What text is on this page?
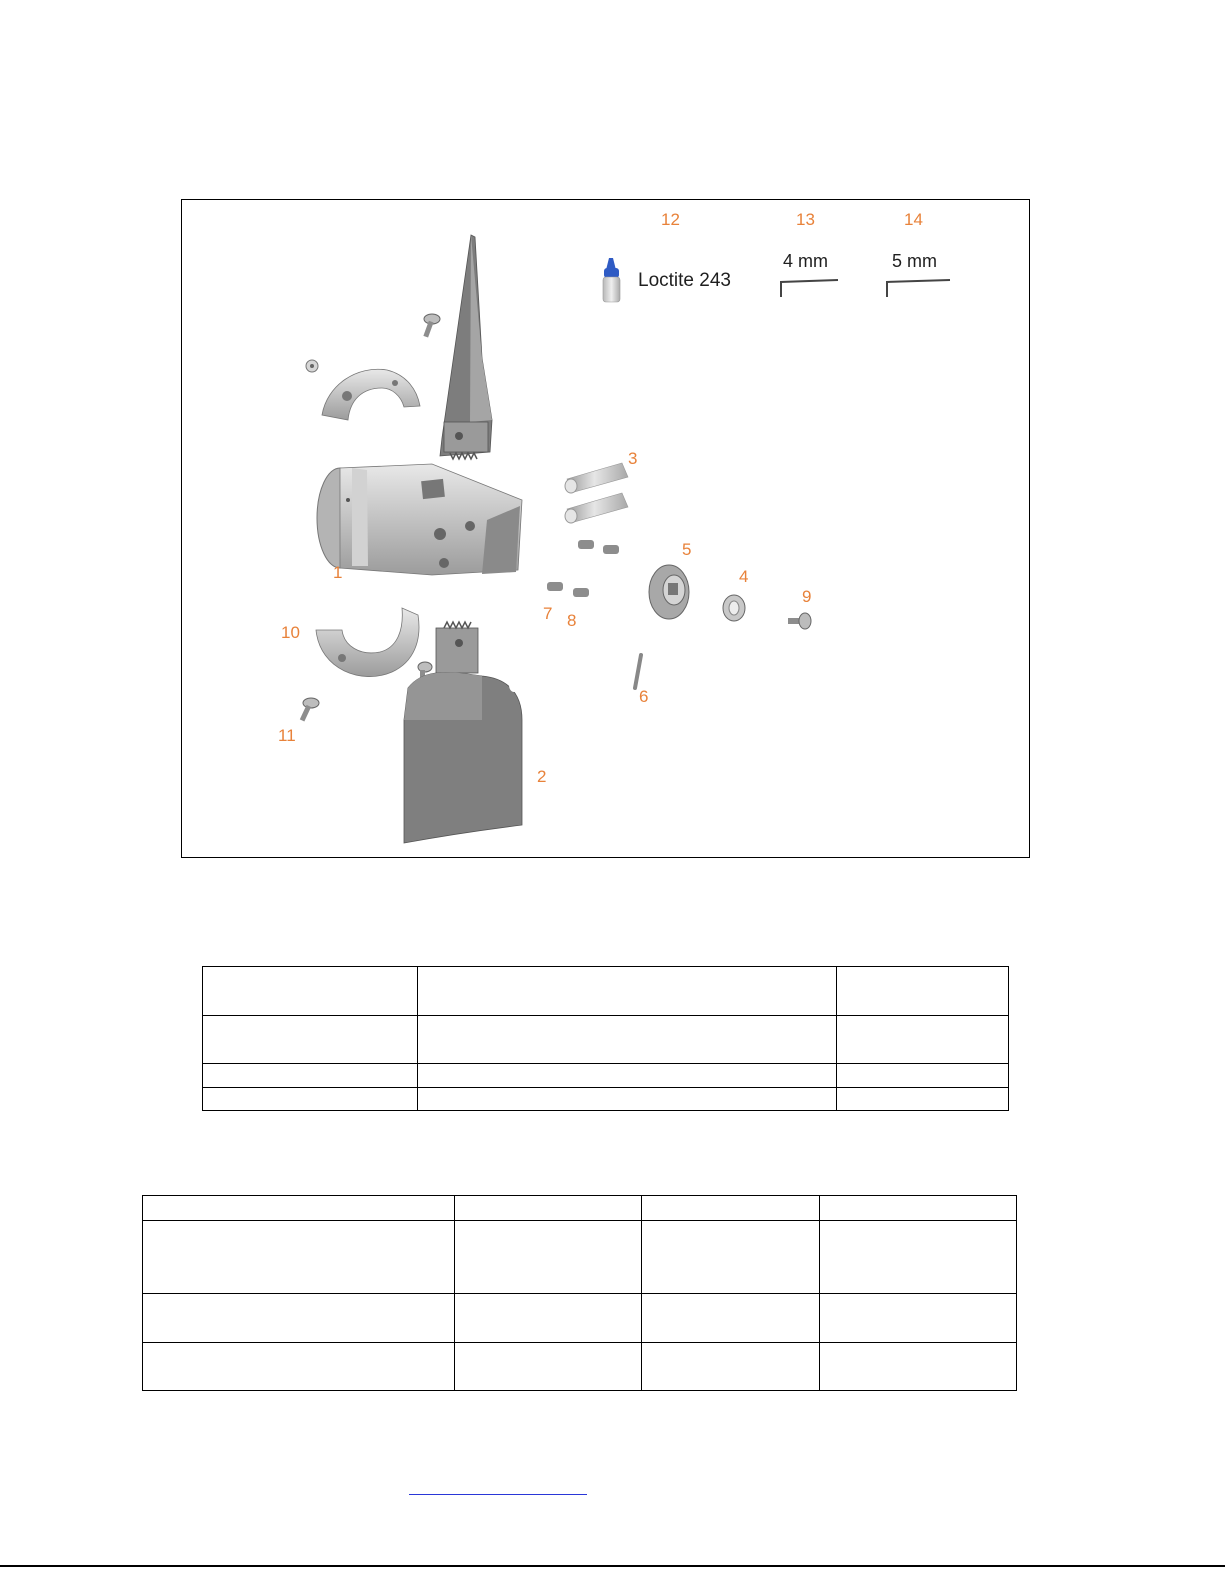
1
2
3
4
5
6
7 8
9
10
11
12	13	14
Loctite 243
4 mm	5 mm
